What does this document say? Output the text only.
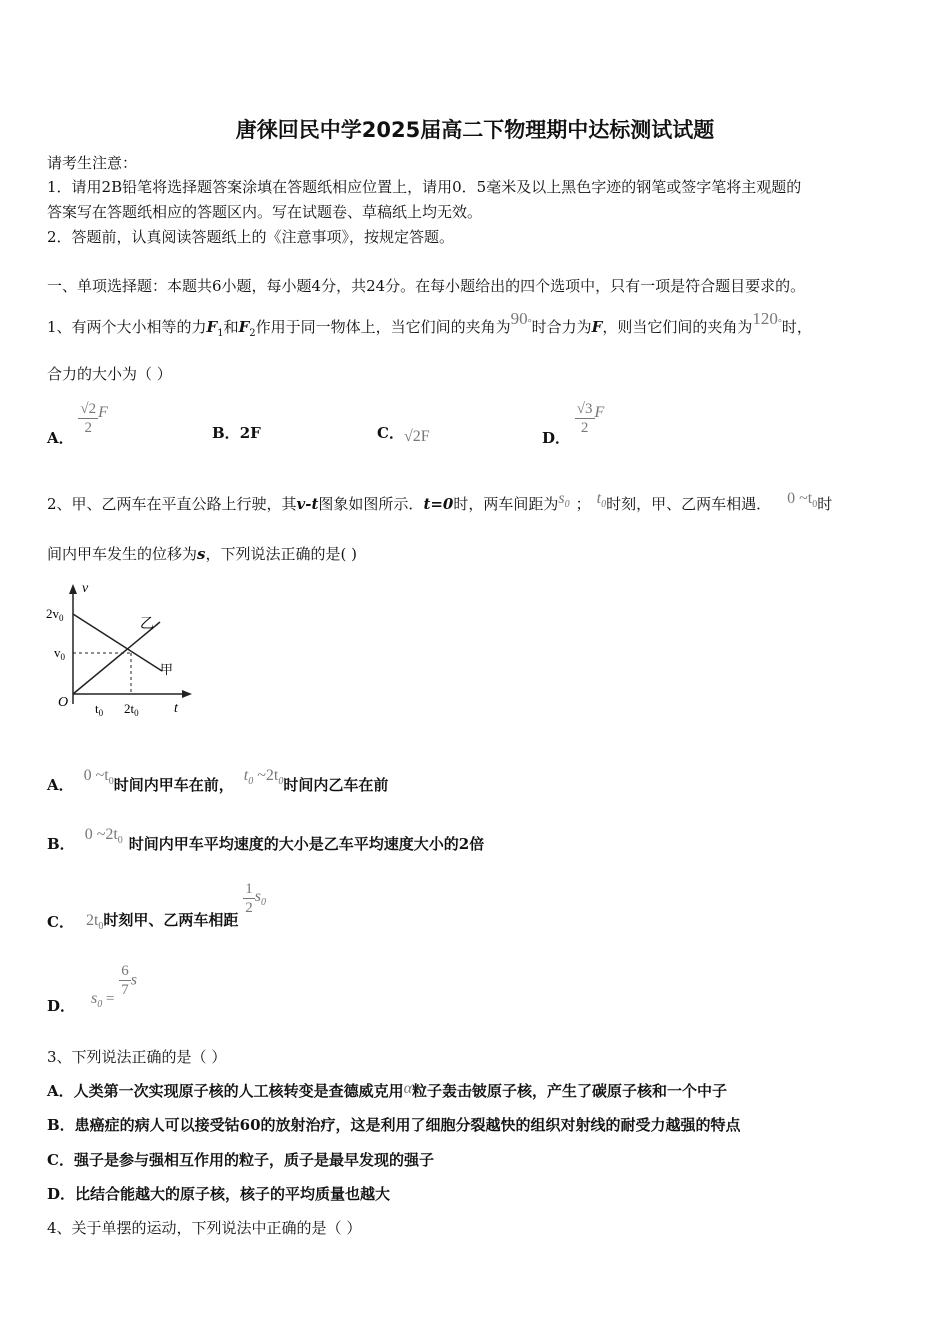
唐徕回民中学2025届高二下物理期中达标测试试题
请考生注意：
1．请用2B铅笔将选择题答案涂填在答题纸相应位置上，请用0．5毫米及以上黑色字迹的钢笔或签字笔将主观题的
答案写在答题纸相应的答题区内。写在试题卷、草稿纸上均无效。
2．答题前，认真阅读答题纸上的《注意事项》，按规定答题。
一、单项选择题：本题共6小题，每小题4分，共24分。在每小题给出的四个选项中，只有一项是符合题目要求的。
1、有两个大小相等的力$F_1$和$F_2$作用于同一物体上，当它们间的夹角为90°时合力为F，则当它们间的夹角为120°时，
合力的大小为（ ）
A．
$\frac{√2}{2}$ F
B．2F	C．√2F	D．
$\frac{√3}{2}$ F
2、甲、乙两车在平直公路上行驶，其v-t图象如图所示．t=0时，两车间距为$s_0$ ； $t_0$时刻，甲、乙两车相遇． 0 $\sim t_0$时
间内甲车发生的位移为s，下列说法正确的是( )
v
t
O
$2v_0$
$v_0$
$t_0$ $2t_0$
乙
甲
A．0 $\sim t_0$时间内甲车在前，$t_0$ $\sim 2t_0$时间内乙车在前
B．0 $\sim 2t_0$ 时间内甲车平均速度的大小是乙车平均速度大小的2倍
C． $2t_0$时刻甲、乙两车相距
$\frac{1}{2} s_0$
D． $s_0 = \frac{6}{7}$ s
3、下列说法正确的是（ ）
A．人类第一次实现原子核的人工核转变是查德威克用α粒子轰击铍原子核，产生了碳原子核和一个中子
B．患癌症的病人可以接受钴60的放射治疗，这是利用了细胞分裂越快的组织对射线的耐受力越强的特点
C．强子是参与强相互作用的粒子，质子是最早发现的强子
D．比结合能越大的原子核，核子的平均质量也越大
4、关于单摆的运动，下列说法中正确的是（ ）
